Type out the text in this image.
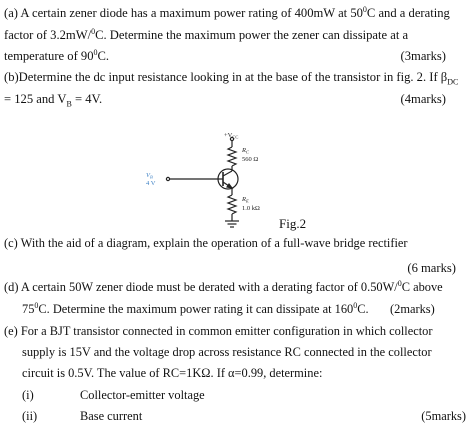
(a) A certain zener diode has a maximum power rating of 400mW at $50^0C$ and a derating
factor of 3.2mW/$^0$C. Determine the maximum power the zener can dissipate at a
temperature of $90^0C$.	(3marks)
(b)Determine the dc input resistance looking in at the base of the transistor in fig. 2. If $\beta_{DC}$
= 125 and $V_B = 4V$.	(4marks)
$+V_{CC}$
$R_C$
560 Ω
$R_E$
1.0 kΩ
$V_B$
4 V
Fig.2
(c) With the aid of a diagram, explain the operation of a full-wave bridge rectifier
(6 marks)
(d) A certain 50W zener diode must be derated with a derating factor of 0.50W/$^0$C above
$75^0C$. Determine the maximum power rating it can dissipate at $160^0C$. (2marks)
(e) For a BJT transistor connected in common emitter configuration in which collector
supply is 15V and the voltage drop across resistance RC connected in the collector
circuit is 0.5V. The value of RC=1KΩ. If α=0.99, determine:
(i)	Collector-emitter voltage
(ii)	Base current	(5marks)
